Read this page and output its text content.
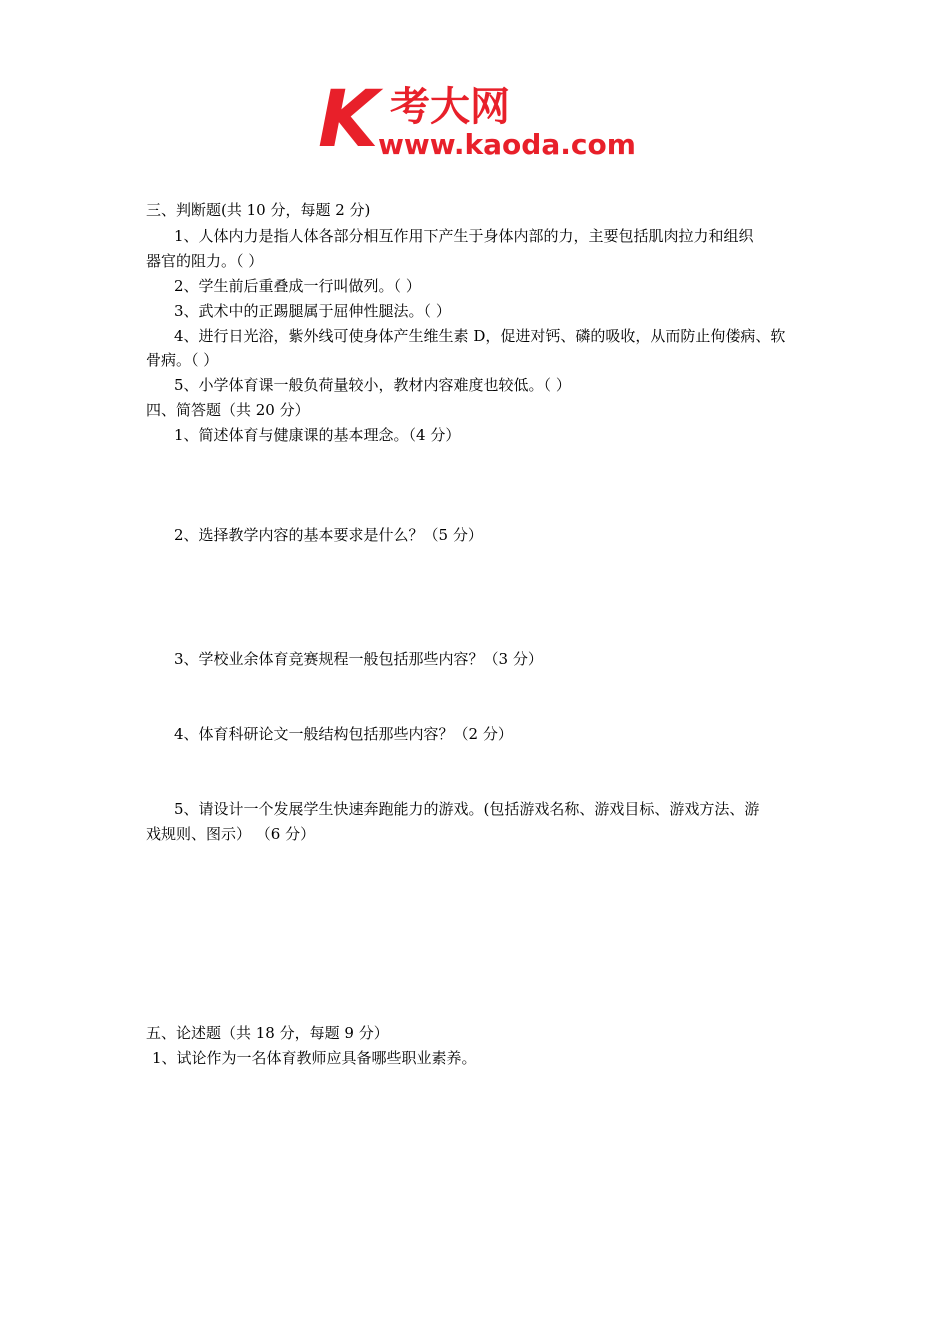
K 考大网
www.kaoda.com
三、判断题(共 10 分，每题 2 分)
1、人体内力是指人体各部分相互作用下产生于身体内部的力，主要包括肌肉拉力和组织
器官的阻力。（ ）
2、学生前后重叠成一行叫做列。（ ）
3、武术中的正踢腿属于屈伸性腿法。（ ）
4、进行日光浴，紫外线可使身体产生维生素 D，促进对钙、磷的吸收，从而防止佝偻病、软
骨病。（ ）
5、小学体育课一般负荷量较小，教材内容难度也较低。（ ）
四、简答题（共 20 分）
1、简述体育与健康课的基本理念。（4 分）
2、选择教学内容的基本要求是什么？（5 分）
3、学校业余体育竞赛规程一般包括那些内容？（3 分）
4、体育科研论文一般结构包括那些内容？（2 分）
5、请设计一个发展学生快速奔跑能力的游戏。(包括游戏名称、游戏目标、游戏方法、游
戏规则、图示） （6 分）
五、论述题（共 18 分，每题 9 分）
1、试论作为一名体育教师应具备哪些职业素养。
